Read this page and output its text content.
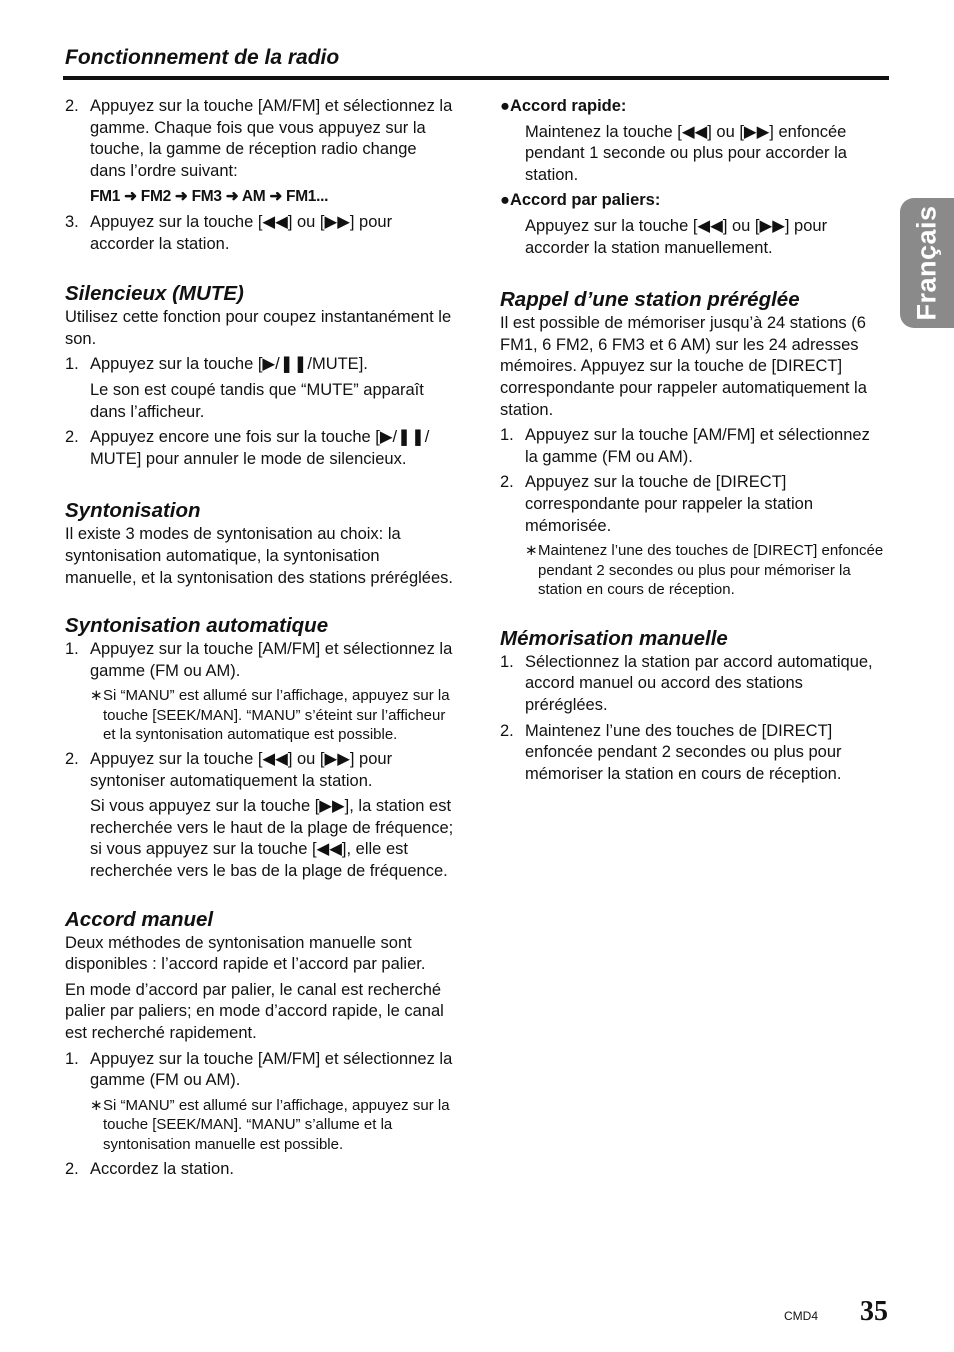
Fonctionnement de la radio
Français
2. Appuyez sur la touche [AM/FM] et sélectionnez la gamme. Chaque fois que vous appuyez sur la touche, la gamme de réception radio change dans l’ordre suivant:
FM1 ➜ FM2 ➜ FM3 ➜ AM ➜ FM1...
3. Appuyez sur la touche [◀◀] ou [▶▶] pour accorder la station.
Silencieux (MUTE)

Utilisez cette fonction pour coupez instantanément le son.

1. Appuyez sur la touche [▶/❚❚/MUTE].
Le son est coupé tandis que “MUTE” apparaît dans l’afficheur.
2. Appuyez encore une fois sur la touche [▶/❚❚/ MUTE] pour annuler le mode de silencieux.
Syntonisation

Il existe 3 modes de syntonisation au choix: la syntonisation automatique, la syntonisation manuelle, et la syntonisation des stations préréglées.

Syntonisation automatique
1. Appuyez sur la touche [AM/FM] et sélectionnez la gamme (FM ou AM).
∗ Si “MANU” est allumé sur l’affichage, appuyez sur la touche [SEEK/MAN]. “MANU” s’éteint sur l’afficheur et la syntonisation automatique est possible.
2. Appuyez sur la touche [◀◀] ou [▶▶] pour syntoniser automatiquement la station.
Si vous appuyez sur la touche [▶▶], la station est recherchée vers le haut de la plage de fréquence; si vous appuyez sur la touche [◀◀], elle est recherchée vers le bas de la plage de fréquence.
Accord manuel

Deux méthodes de syntonisation manuelle sont disponibles : l’accord rapide et l’accord par palier.

En mode d’accord par palier, le canal est recherché palier par paliers; en mode d’accord rapide, le canal est recherché rapidement.

1. Appuyez sur la touche [AM/FM] et sélectionnez la gamme (FM ou AM).
∗ Si “MANU” est allumé sur l’affichage, appuyez sur la touche [SEEK/MAN]. “MANU” s’allume et la syntonisation manuelle est possible.
2. Accordez la station.
●Accord rapide:
Maintenez la touche [◀◀] ou [▶▶] enfoncée pendant 1 seconde ou plus pour accorder la station.
●Accord par paliers:
Appuyez sur la touche [◀◀] ou [▶▶] pour accorder la station manuellement.
Rappel d’une station préréglée

Il est possible de mémoriser jusqu’à 24 stations (6 FM1, 6 FM2, 6 FM3 et 6 AM) sur les 24 adresses mémoires. Appuyez sur la touche de [DIRECT] correspondante pour rappeler automatiquement la station.

1. Appuyez sur la touche [AM/FM] et sélectionnez la gamme (FM ou AM).
2. Appuyez sur la touche de [DIRECT] correspondante pour rappeler la station mémorisée.
∗ Maintenez l’une des touches de [DIRECT] enfoncée pendant 2 secondes ou plus pour mémoriser la station en cours de réception.
Mémorisation manuelle
1. Sélectionnez la station par accord automatique, accord manuel ou accord des stations préréglées.
2. Maintenez l’une des touches de [DIRECT] enfoncée pendant 2 secondes ou plus pour mémoriser la station en cours de réception.
CMD4 35
